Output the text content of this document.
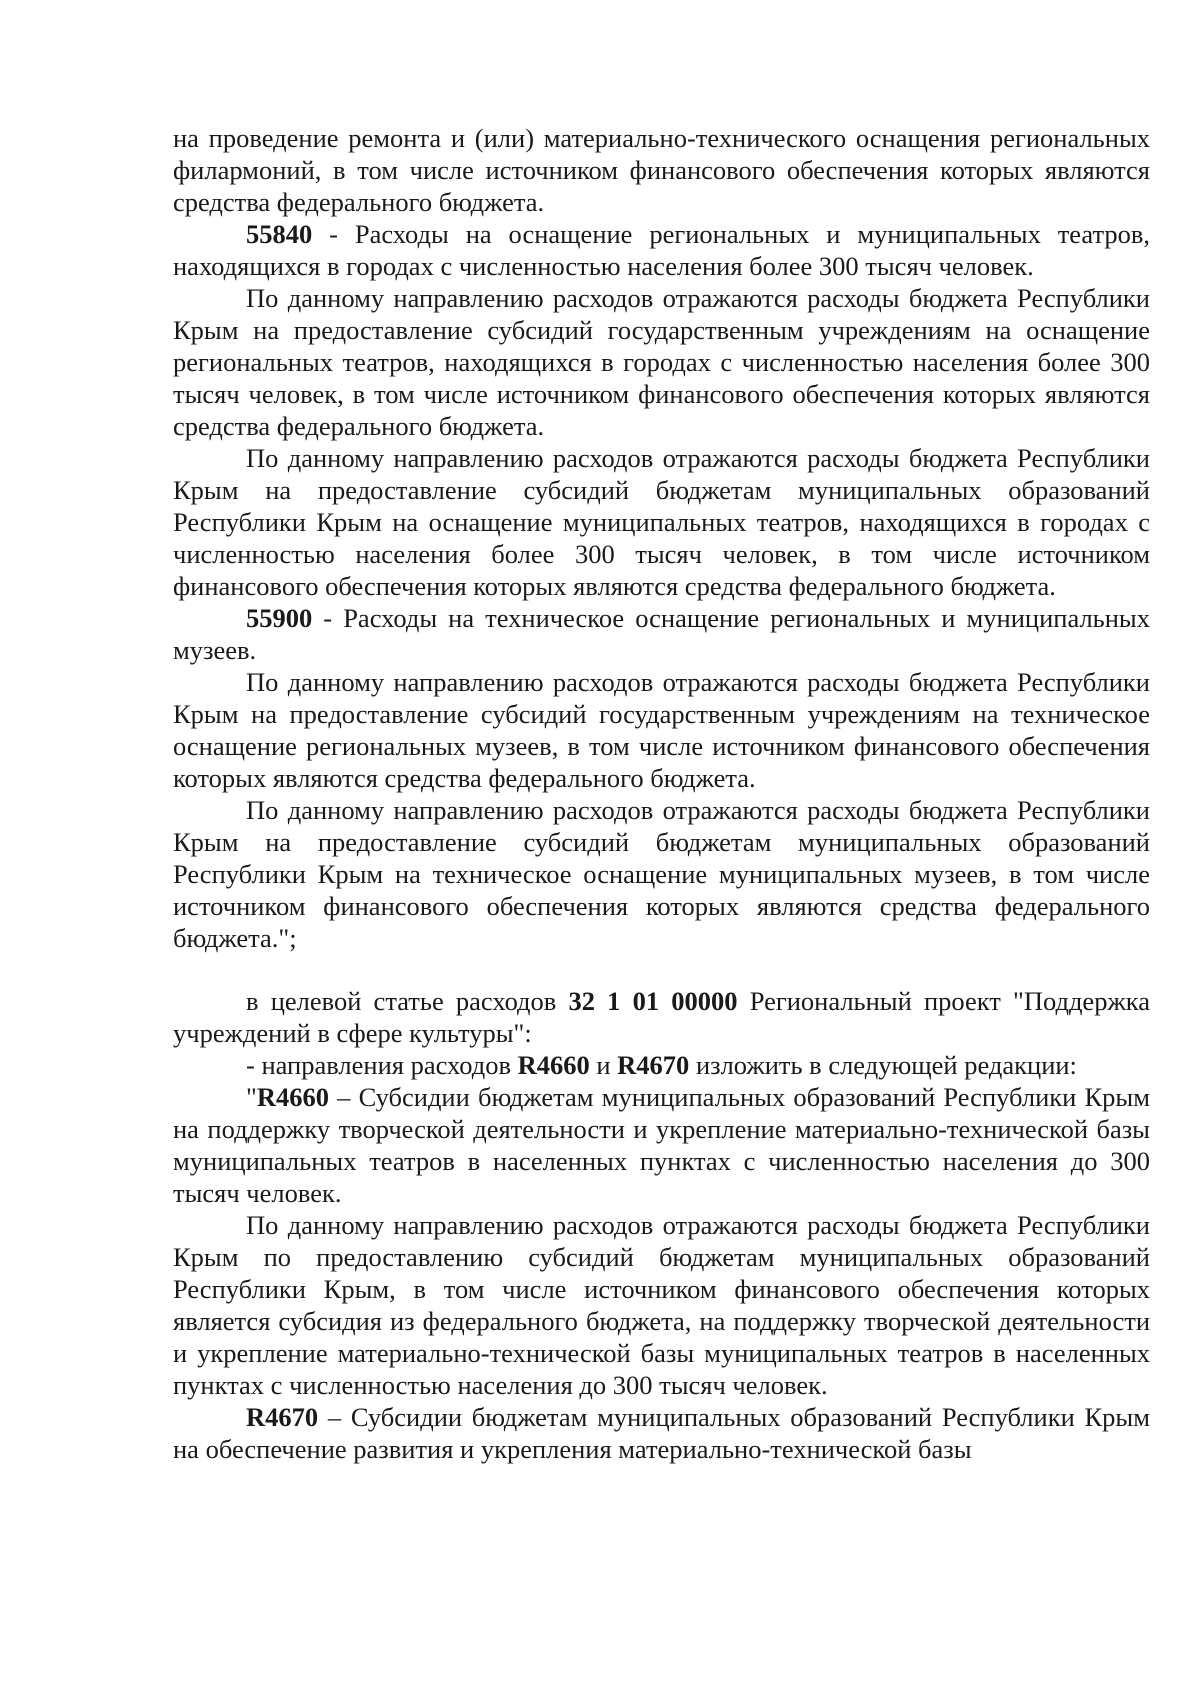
на проведение ремонта и (или) материально-технического оснащения региональных филармоний, в том числе источником финансового обеспечения которых являются средства федерального бюджета.

55840 - Расходы на оснащение региональных и муниципальных театров, находящихся в городах с численностью населения более 300 тысяч человек.

По данному направлению расходов отражаются расходы бюджета Республики Крым на предоставление субсидий государственным учреждениям на оснащение региональных театров, находящихся в городах с численностью населения более 300 тысяч человек, в том числе источником финансового обеспечения которых являются средства федерального бюджета.

По данному направлению расходов отражаются расходы бюджета Республики Крым на предоставление субсидий бюджетам муниципальных образований Республики Крым на оснащение муниципальных театров, находящихся в городах с численностью населения более 300 тысяч человек, в том числе источником финансового обеспечения которых являются средства федерального бюджета.

55900 - Расходы на техническое оснащение региональных и муниципальных музеев.

По данному направлению расходов отражаются расходы бюджета Республики Крым на предоставление субсидий государственным учреждениям на техническое оснащение региональных музеев, в том числе источником финансового обеспечения которых являются средства федерального бюджета.

По данному направлению расходов отражаются расходы бюджета Республики Крым на предоставление субсидий бюджетам муниципальных образований Республики Крым на техническое оснащение муниципальных музеев, в том числе источником финансового обеспечения которых являются средства федерального бюджета.";

в целевой статье расходов 32 1 01 00000 Региональный проект "Поддержка учреждений в сфере культуры":

- направления расходов R4660 и R4670 изложить в следующей редакции:

"R4660 – Субсидии бюджетам муниципальных образований Республики Крым на поддержку творческой деятельности и укрепление материально-технической базы муниципальных театров в населенных пунктах с численностью населения до 300 тысяч человек.

По данному направлению расходов отражаются расходы бюджета Республики Крым по предоставлению субсидий бюджетам муниципальных образований Республики Крым, в том числе источником финансового обеспечения которых является субсидия из федерального бюджета, на поддержку творческой деятельности и укрепление материально-технической базы муниципальных театров в населенных пунктах с численностью населения до 300 тысяч человек.

R4670 – Субсидии бюджетам муниципальных образований Республики Крым на обеспечение развития и укрепления материально-технической базы
